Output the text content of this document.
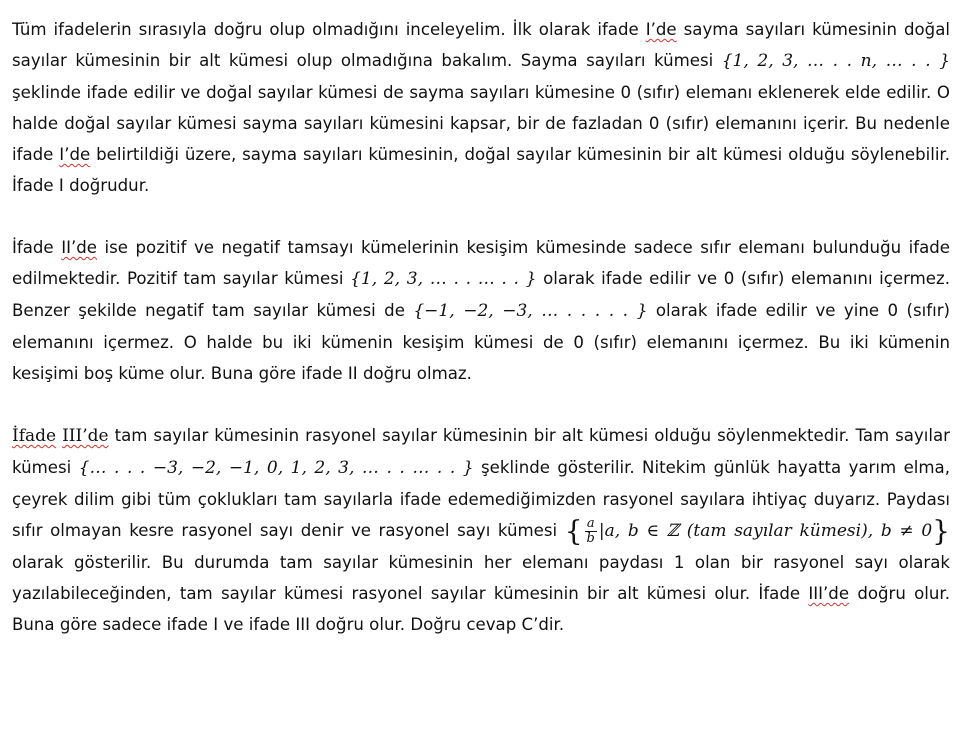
Tüm ifadelerin sırasıyla doğru olup olmadığını inceleyelim. İlk olarak ifade I’de sayma sayıları kümesinin doğal sayılar kümesinin bir alt kümesi olup olmadığına bakalım. Sayma sayıları kümesi {1, 2, 3, … . . 𝑛, … . . } şeklinde ifade edilir ve doğal sayılar kümesi de sayma sayıları kümesine 0 (sıfır) elemanı eklenerek elde edilir. O halde doğal sayılar kümesi sayma sayıları kümesini kapsar, bir de fazladan 0 (sıfır) elemanını içerir. Bu nedenle ifade I’de belirtildiği üzere, sayma sayıları kümesinin, doğal sayılar kümesinin bir alt kümesi olduğu söylenebilir. İfade I doğrudur.

İfade II’de ise pozitif ve negatif tamsayı kümelerinin kesişim kümesinde sadece sıfır elemanı bulunduğu ifade edilmektedir. Pozitif tam sayılar kümesi {1, 2, 3, … . . … . . } olarak ifade edilir ve 0 (sıfır) elemanını içermez. Benzer şekilde negatif tam sayılar kümesi de {−1, −2, −3, … . . . . . } olarak ifade edilir ve yine 0 (sıfır) elemanını içermez. O halde bu iki kümenin kesişim kümesi de 0 (sıfır) elemanını içermez. Bu iki kümenin kesişimi boş küme olur. Buna göre ifade II doğru olmaz.

İfade III’de tam sayılar kümesinin rasyonel sayılar kümesinin bir alt kümesi olduğu söylenmektedir. Tam sayılar kümesi {… . . . −3, −2, −1, 0, 1, 2, 3, … . . … . . } şeklinde gösterilir. Nitekim günlük hayatta yarım elma, çeyrek dilim gibi tüm çoklukları tam sayılarla ifade edemediğimizden rasyonel sayılara ihtiyaç duyarız. Paydası sıfır olmayan kesre rasyonel sayı denir ve rasyonel sayı kümesi { $\frac{a}{b}$ |𝑎, 𝑏 ∈ ℤ (𝑡𝑎𝑚 𝑠𝑎𝑦𝚤𝑙𝑎𝑟 𝑘ü𝑚𝑒𝑠𝑖), 𝑏 ≠ 0} olarak gösterilir. Bu durumda tam sayılar kümesinin her elemanı paydası 1 olan bir rasyonel sayı olarak yazılabileceğinden, tam sayılar kümesi rasyonel sayılar kümesinin bir alt kümesi olur. İfade III’de doğru olur. Buna göre sadece ifade I ve ifade III doğru olur. Doğru cevap C’dir.
